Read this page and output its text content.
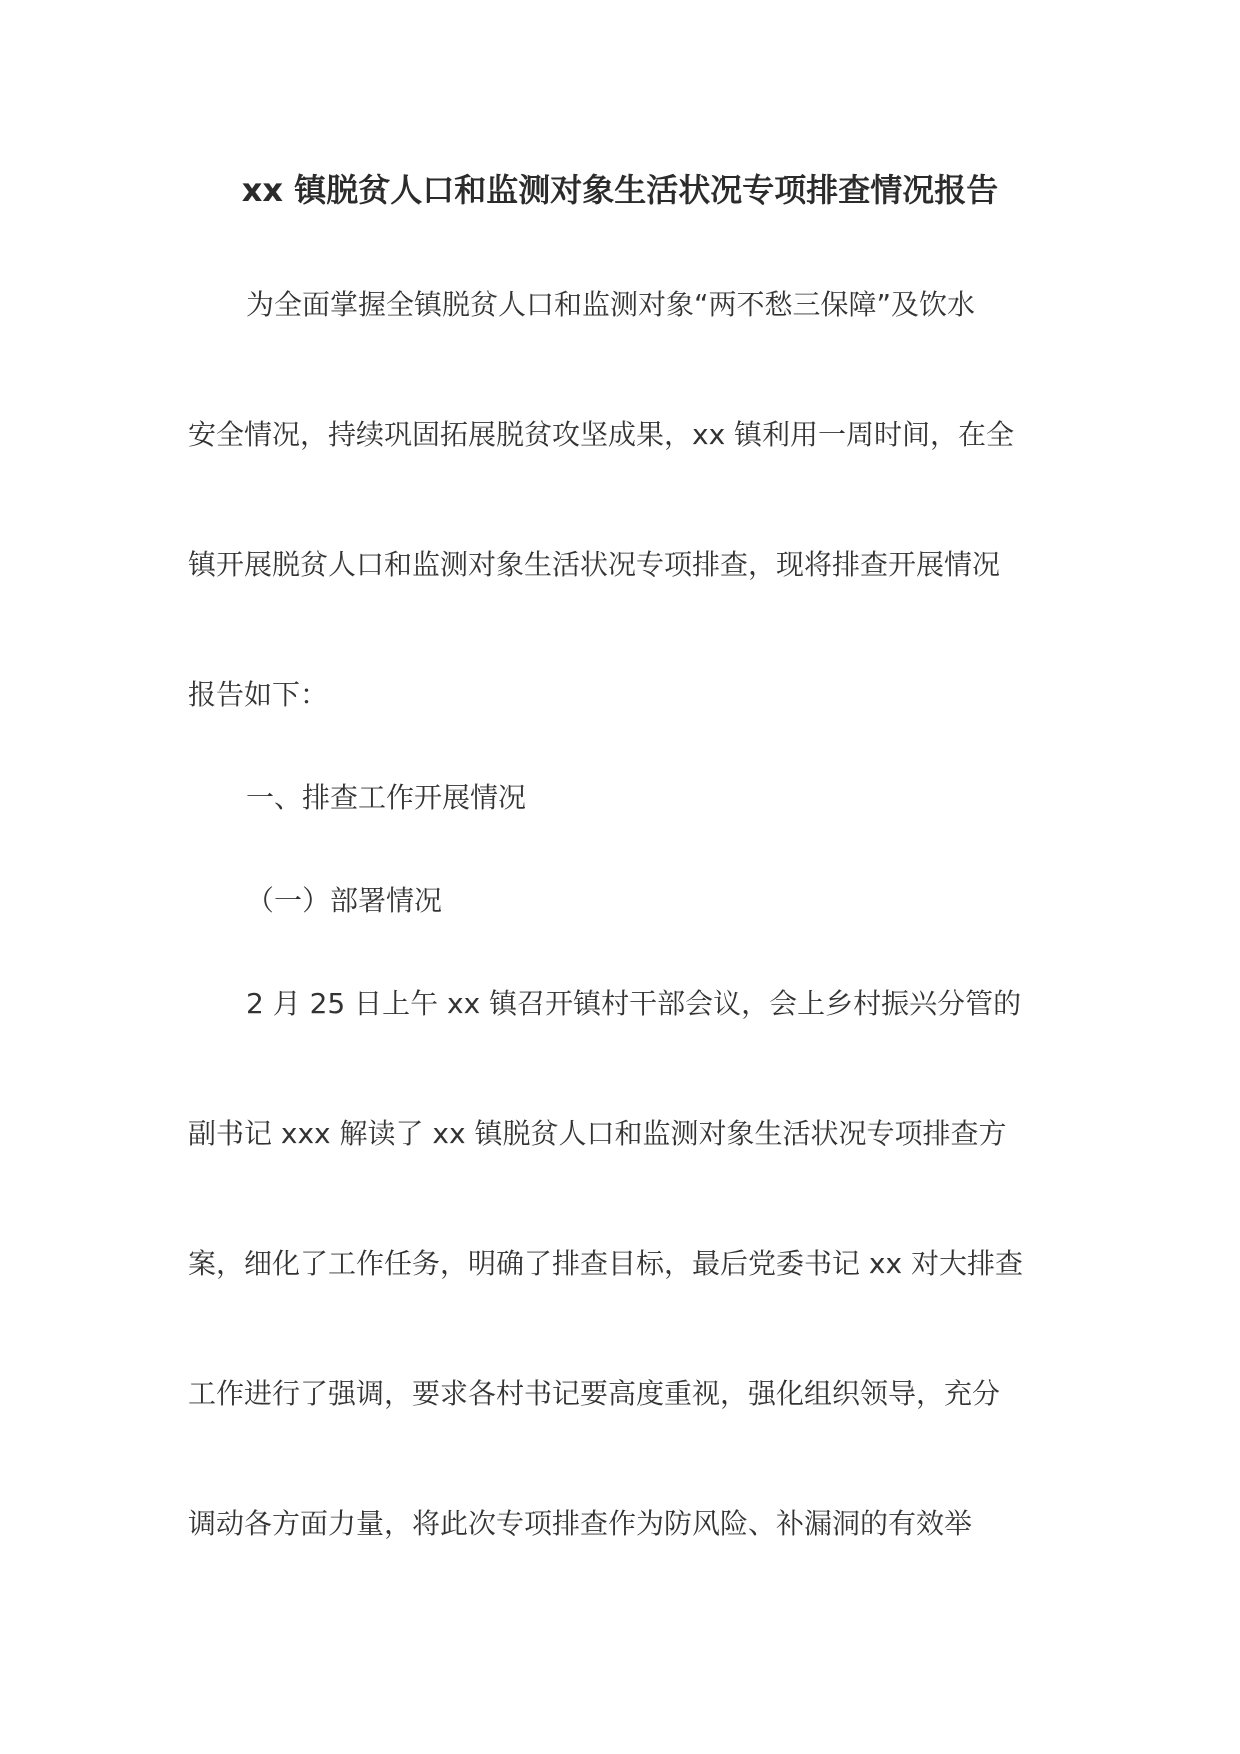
xx 镇脱贫人口和监测对象生活状况专项排查情况报告
为全面掌握全镇脱贫人口和监测对象“两不愁三保障”及饮水
安全情况，持续巩固拓展脱贫攻坚成果，xx 镇利用一周时间，在全
镇开展脱贫人口和监测对象生活状况专项排查，现将排查开展情况
报告如下：
一、排查工作开展情况
（一）部署情况
2 月 25 日上午 xx 镇召开镇村干部会议，会上乡村振兴分管的
副书记 xxx 解读了 xx 镇脱贫人口和监测对象生活状况专项排查方
案，细化了工作任务，明确了排查目标，最后党委书记 xx 对大排查
工作进行了强调，要求各村书记要高度重视，强化组织领导，充分
调动各方面力量，将此次专项排查作为防风险、补漏洞的有效举
